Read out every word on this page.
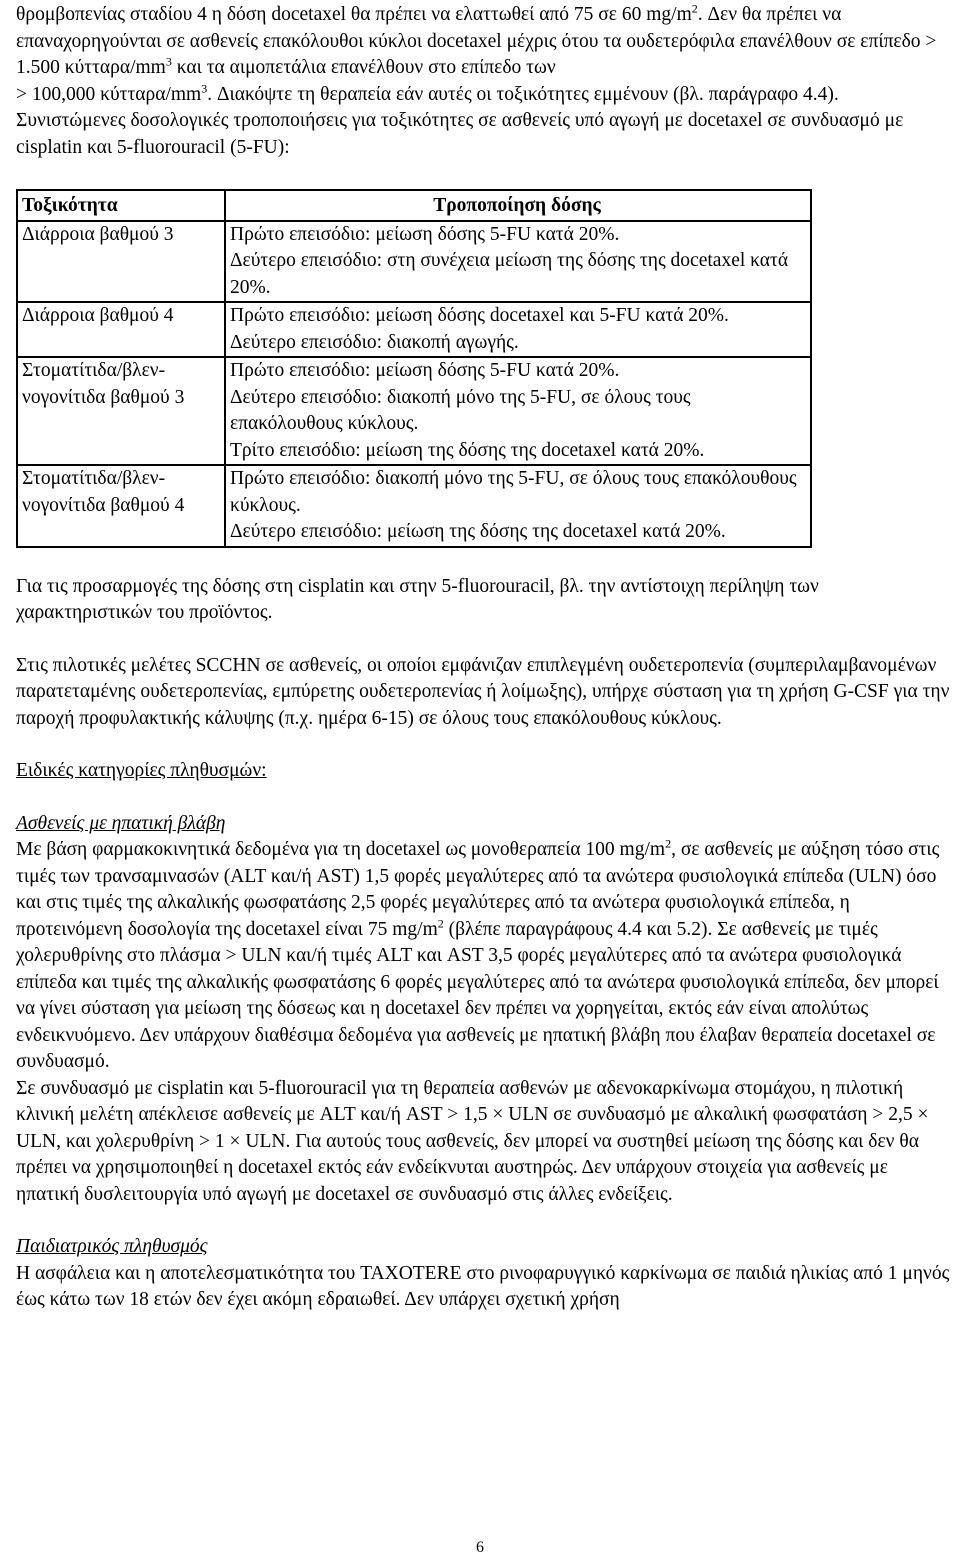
θρομβοπενίας σταδίου 4 η δόση docetaxel θα πρέπει να ελαττωθεί από 75 σε 60 $mg/m^2$. Δεν θα πρέπει να επαναχορηγούνται σε ασθενείς επακόλουθοι κύκλοι docetaxel μέχρις ότου τα ουδετερόφιλα επανέλθουν σε επίπεδο > 1.500 κύτταρα/$mm^3$ και τα αιμοπετάλια επανέλθουν στο επίπεδο των
> 100,000 κύτταρα/$mm^3$. Διακόψτε τη θεραπεία εάν αυτές οι τοξικότητες εμμένουν (βλ. παράγραφο 4.4).

Συνιστώμενες δοσολογικές τροποποιήσεις για τοξικότητες σε ασθενείς υπό αγωγή με docetaxel σε συνδυασμό με cisplatin και 5-fluorouracil (5-FU):

Τοξικότητα	Τροποποίηση δόσης
Διάρροια βαθμού 3	Πρώτο επεισόδιο: μείωση δόσης 5-FU κατά 20%.
Δεύτερο επεισόδιο: στη συνέχεια μείωση της δόσης της docetaxel κατά 20%.

Διάρροια βαθμού 4	Πρώτο επεισόδιο: μείωση δόσης docetaxel και 5-FU κατά 20%.
Δεύτερο επεισόδιο: διακοπή αγωγής.

Στοματίτιδα/βλεν-νογονίτιδα βαθμού 3	Πρώτο επεισόδιο: μείωση δόσης 5-FU κατά 20%.
Δεύτερο επεισόδιο: διακοπή μόνο της 5-FU, σε όλους τους επακόλουθους κύκλους.
Τρίτο επεισόδιο: μείωση της δόσης της docetaxel κατά 20%.

Στοματίτιδα/βλεν-νογονίτιδα βαθμού 4	Πρώτο επεισόδιο: διακοπή μόνο της 5-FU, σε όλους τους επακόλουθους κύκλους.
Δεύτερο επεισόδιο: μείωση της δόσης της docetaxel κατά 20%.

Για τις προσαρμογές της δόσης στη cisplatin και στην 5-fluorouracil, βλ. την αντίστοιχη περίληψη των χαρακτηριστικών του προϊόντος.

Στις πιλοτικές μελέτες SCCHN σε ασθενείς, οι οποίοι εμφάνιζαν επιπλεγμένη ουδετεροπενία (συμπεριλαμβανομένων παρατεταμένης ουδετεροπενίας, εμπύρετης ουδετεροπενίας ή λοίμωξης), υπήρχε σύσταση για τη χρήση G-CSF για την παροχή προφυλακτικής κάλυψης (π.χ. ημέρα 6-15) σε όλους τους επακόλουθους κύκλους.

Ειδικές κατηγορίες πληθυσμών:

Ασθενείς με ηπατική βλάβη

Με βάση φαρμακοκινητικά δεδομένα για τη docetaxel ως μονοθεραπεία 100 $mg/m^2$, σε ασθενείς με αύξηση τόσο στις τιμές των τρανσαμινασών (ALT και/ή AST) 1,5 φορές μεγαλύτερες από τα ανώτερα φυσιολογικά επίπεδα (ULN) όσο και στις τιμές της αλκαλικής φωσφατάσης 2,5 φορές μεγαλύτερες από τα ανώτερα φυσιολογικά επίπεδα, η προτεινόμενη δοσολογία της docetaxel είναι 75 $mg/m^2$ (βλέπε παραγράφους 4.4 και 5.2). Σε ασθενείς με τιμές χολερυθρίνης στο πλάσμα > ULN και/ή τιμές ALT και AST 3,5 φορές μεγαλύτερες από τα ανώτερα φυσιολογικά επίπεδα και τιμές της αλκαλικής φωσφατάσης 6 φορές μεγαλύτερες από τα ανώτερα φυσιολογικά επίπεδα, δεν μπορεί να γίνει σύσταση για μείωση της δόσεως και η docetaxel δεν πρέπει να χορηγείται, εκτός εάν είναι απολύτως ενδεικνυόμενο. Δεν υπάρχουν διαθέσιμα δεδομένα για ασθενείς με ηπατική βλάβη που έλαβαν θεραπεία docetaxel σε συνδυασμό.

Σε συνδυασμό με cisplatin και 5-fluorouracil για τη θεραπεία ασθενών με αδενοκαρκίνωμα στομάχου, η πιλοτική κλινική μελέτη απέκλεισε ασθενείς με ALT και/ή AST > 1,5 × ULN σε συνδυασμό με αλκαλική φωσφατάση > 2,5 × ULN, και χολερυθρίνη > 1 × ULN. Για αυτούς τους ασθενείς, δεν μπορεί να συστηθεί μείωση της δόσης και δεν θα πρέπει να χρησιμοποιηθεί η docetaxel εκτός εάν ενδείκνυται αυστηρώς. Δεν υπάρχουν στοιχεία για ασθενείς με ηπατική δυσλειτουργία υπό αγωγή με docetaxel σε συνδυασμό στις άλλες ενδείξεις.

Παιδιατρικός πληθυσμός

Η ασφάλεια και η αποτελεσματικότητα του TAXOTERE στο ρινοφαρυγγικό καρκίνωμα σε παιδιά ηλικίας από 1 μηνός έως κάτω των 18 ετών δεν έχει ακόμη εδραιωθεί. Δεν υπάρχει σχετική χρήση

6
